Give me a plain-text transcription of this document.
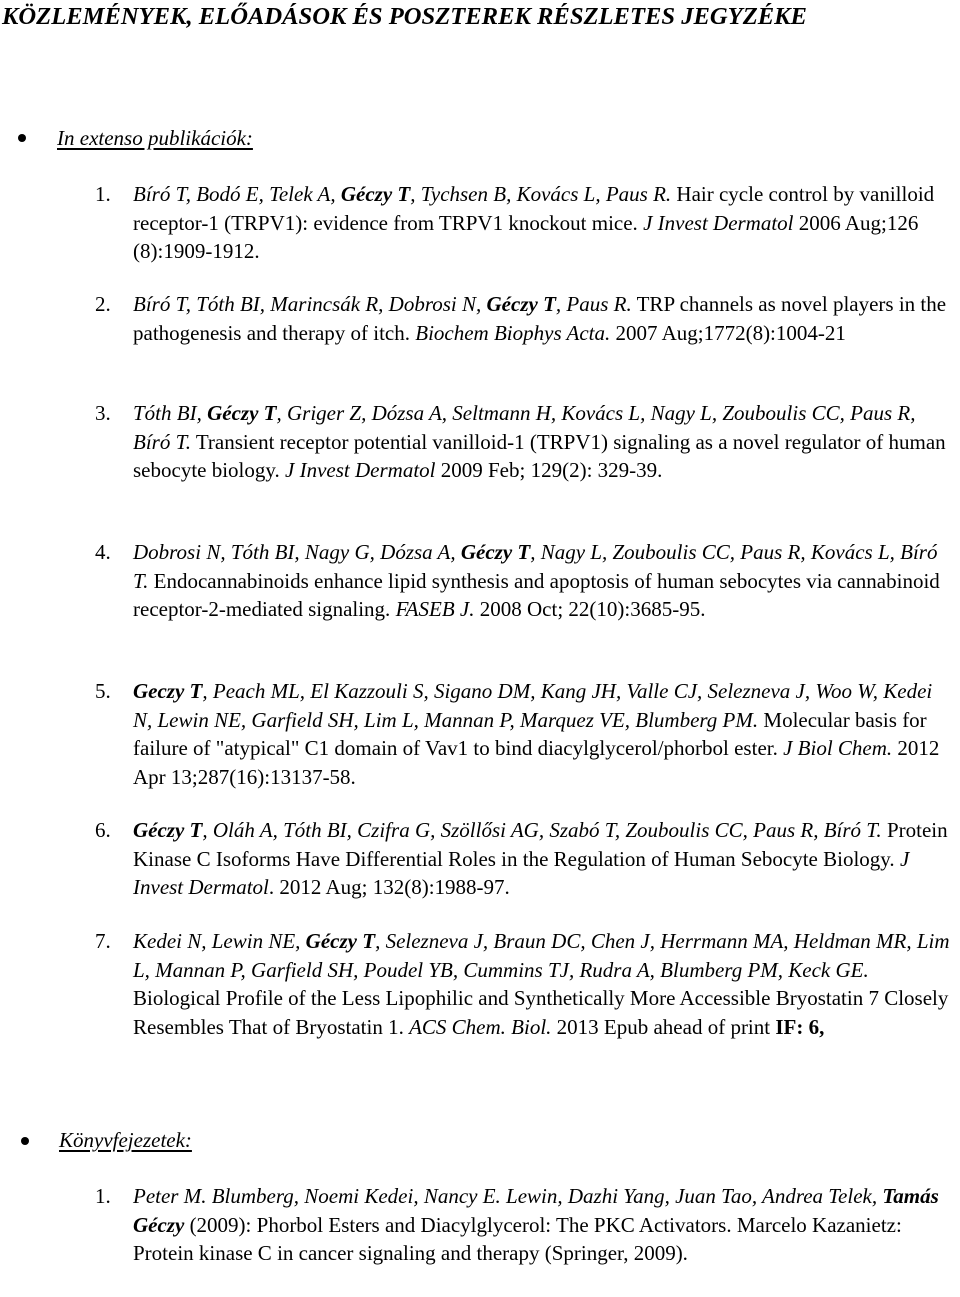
KÖZLEMÉNYEK, ELŐADÁSOK ÉS POSZTEREK RÉSZLETES JEGYZÉKE
In extenso publikációk:
1. Bíró T, Bodó E, Telek A, Géczy T, Tychsen B, Kovács L, Paus R. Hair cycle control by vanilloid receptor-1 (TRPV1): evidence from TRPV1 knockout mice. J Invest Dermatol 2006 Aug;126 (8):1909-1912.

2. Bíró T, Tóth BI, Marincsák R, Dobrosi N, Géczy T, Paus R. TRP channels as novel players in the pathogenesis and therapy of itch. Biochem Biophys Acta. 2007 Aug;1772(8):1004-21

3. Tóth BI, Géczy T, Griger Z, Dózsa A, Seltmann H, Kovács L, Nagy L, Zouboulis CC, Paus R, Bíró T. Transient receptor potential vanilloid-1 (TRPV1) signaling as a novel regulator of human sebocyte biology. J Invest Dermatol 2009 Feb; 129(2): 329-39.

4. Dobrosi N, Tóth BI, Nagy G, Dózsa A, Géczy T, Nagy L, Zouboulis CC, Paus R, Kovács L, Bíró T. Endocannabinoids enhance lipid synthesis and apoptosis of human sebocytes via cannabinoid receptor-2-mediated signaling. FASEB J. 2008 Oct; 22(10):3685-95.

5. Geczy T, Peach ML, El Kazzouli S, Sigano DM, Kang JH, Valle CJ, Selezneva J, Woo W, Kedei N, Lewin NE, Garfield SH, Lim L, Mannan P, Marquez VE, Blumberg PM. Molecular basis for failure of "atypical" C1 domain of Vav1 to bind diacylglycerol/phorbol ester. J Biol Chem. 2012 Apr 13;287(16):13137-58.

6. Géczy T, Oláh A, Tóth BI, Czifra G, Szöllősi AG, Szabó T, Zouboulis CC, Paus R, Bíró T. Protein Kinase C Isoforms Have Differential Roles in the Regulation of Human Sebocyte Biology. J Invest Dermatol. 2012 Aug; 132(8):1988-97.

7. Kedei N, Lewin NE, Géczy T, Selezneva J, Braun DC, Chen J, Herrmann MA, Heldman MR, Lim L, Mannan P, Garfield SH, Poudel YB, Cummins TJ, Rudra A, Blumberg PM, Keck GE. Biological Profile of the Less Lipophilic and Synthetically More Accessible Bryostatin 7 Closely Resembles That of Bryostatin 1. ACS Chem. Biol. 2013 Epub ahead of print IF: 6,

Könyvfejezetek:
1. Peter M. Blumberg, Noemi Kedei, Nancy E. Lewin, Dazhi Yang, Juan Tao, Andrea Telek, Tamás Géczy (2009): Phorbol Esters and Diacylglycerol: The PKC Activators. Marcelo Kazanietz: Protein kinase C in cancer signaling and therapy (Springer, 2009).
